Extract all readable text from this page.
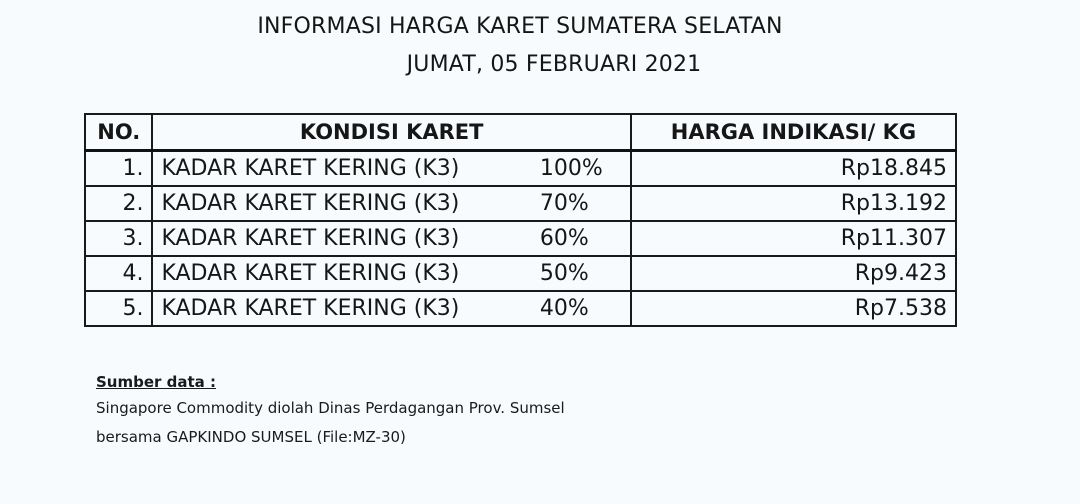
INFORMASI HARGA KARET SUMATERA SELATAN
JUMAT, 05 FEBRUARI 2021
NO.	KONDISI KARET	HARGA INDIKASI/ KG
1.	KADAR KARET KERING (K3) 100%	Rp18.845
2.	KADAR KARET KERING (K3) 70%	Rp13.192
3.	KADAR KARET KERING (K3) 60%	Rp11.307
4.	KADAR KARET KERING (K3) 50%	Rp9.423
5.	KADAR KARET KERING (K3) 40%	Rp7.538
Sumber data :
Singapore Commodity diolah Dinas Perdagangan Prov. Sumsel
bersama GAPKINDO SUMSEL (File:MZ-30)
